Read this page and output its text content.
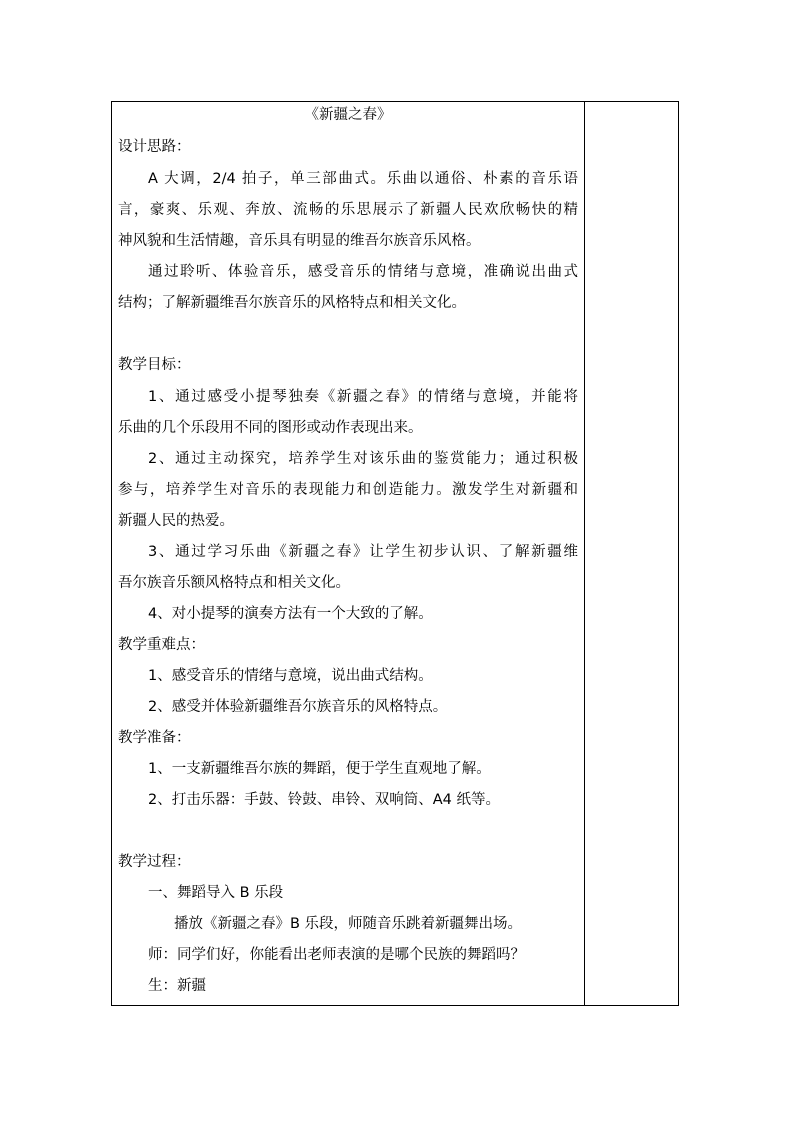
《新疆之春》
设计思路：
A 大调，2/4 拍子，单三部曲式。乐曲以通俗、朴素的音乐语
言，豪爽、乐观、奔放、流畅的乐思展示了新疆人民欢欣畅快的精
神风貌和生活情趣，音乐具有明显的维吾尔族音乐风格。
通过聆听、体验音乐，感受音乐的情绪与意境，准确说出曲式
结构；了解新疆维吾尔族音乐的风格特点和相关文化。
教学目标：
1、通过感受小提琴独奏《新疆之春》的情绪与意境，并能将
乐曲的几个乐段用不同的图形或动作表现出来。
2、通过主动探究，培养学生对该乐曲的鉴赏能力；通过积极
参与，培养学生对音乐的表现能力和创造能力。激发学生对新疆和
新疆人民的热爱。
3、通过学习乐曲《新疆之春》让学生初步认识、了解新疆维
吾尔族音乐额风格特点和相关文化。
4、对小提琴的演奏方法有一个大致的了解。
教学重难点：
1、感受音乐的情绪与意境，说出曲式结构。
2、感受并体验新疆维吾尔族音乐的风格特点。
教学准备：
1、一支新疆维吾尔族的舞蹈，便于学生直观地了解。
2、打击乐器：手鼓、铃鼓、串铃、双响筒、A4 纸等。
教学过程：
一、舞蹈导入 B 乐段
播放《新疆之春》B 乐段，师随音乐跳着新疆舞出场。
师：同学们好，你能看出老师表演的是哪个民族的舞蹈吗？
生：新疆
